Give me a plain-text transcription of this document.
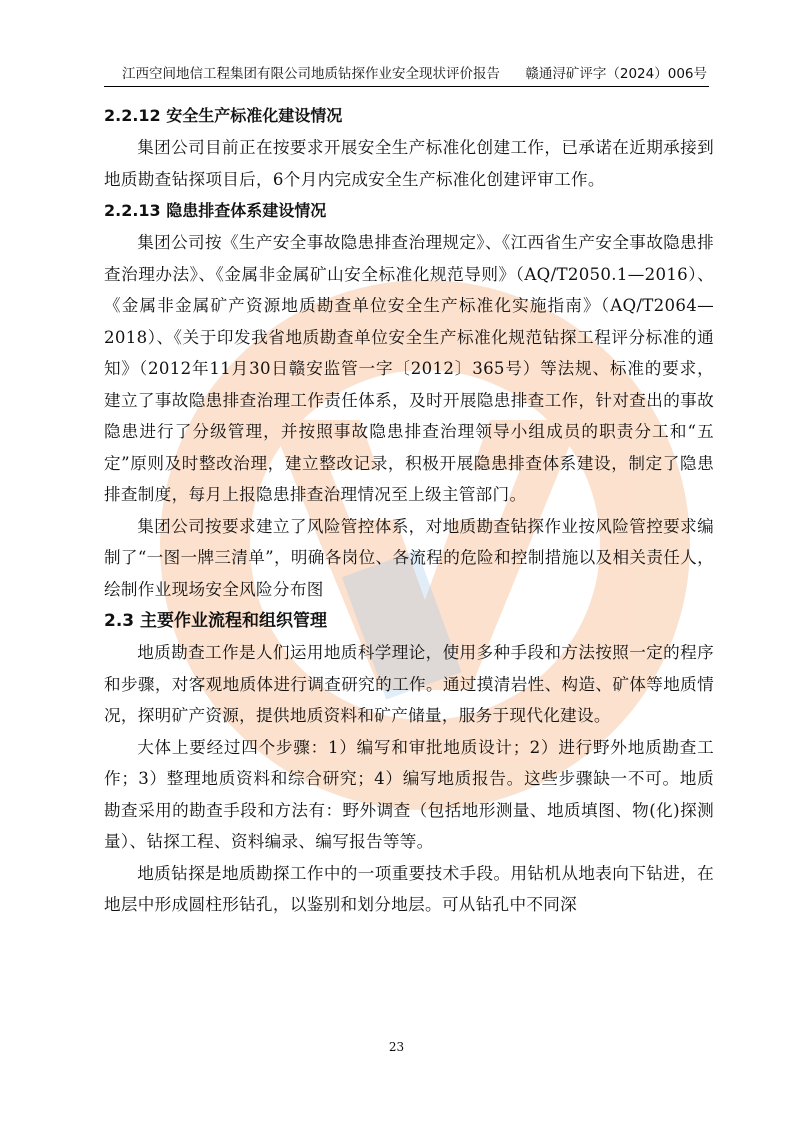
江西空间地信工程集团有限公司地质钻探作业安全现状评价报告 赣通浔矿评字（2024）006号
2.2.12 安全生产标准化建设情况

集团公司目前正在按要求开展安全生产标准化创建工作，已承诺在近期承接到地质勘查钻探项目后，6个月内完成安全生产标准化创建评审工作。

2.2.13 隐患排查体系建设情况

集团公司按《生产安全事故隐患排查治理规定》、《江西省生产安全事故隐患排查治理办法》、《金属非金属矿山安全标准化规范导则》（AQ/T2050.1—2016）、《金属非金属矿产资源地质勘查单位安全生产标准化实施指南》（AQ/T2064—2018）、《关于印发我省地质勘查单位安全生产标准化规范钻探工程评分标准的通知》（2012年11月30日赣安监管一字〔2012〕365号）等法规、标准的要求，建立了事故隐患排查治理工作责任体系，及时开展隐患排查工作，针对查出的事故隐患进行了分级管理，并按照事故隐患排查治理领导小组成员的职责分工和“五定”原则及时整改治理，建立整改记录，积极开展隐患排查体系建设，制定了隐患排查制度，每月上报隐患排查治理情况至上级主管部门。

集团公司按要求建立了风险管控体系，对地质勘查钻探作业按风险管控要求编制了“一图一牌三清单”，明确各岗位、各流程的危险和控制措施以及相关责任人，绘制作业现场安全风险分布图

2.3 主要作业流程和组织管理

地质勘查工作是人们运用地质科学理论，使用多种手段和方法按照一定的程序和步骤，对客观地质体进行调查研究的工作。通过摸清岩性、构造、矿体等地质情况，探明矿产资源，提供地质资料和矿产储量，服务于现代化建设。

大体上要经过四个步骤：1）编写和审批地质设计；2）进行野外地质勘查工作；3）整理地质资料和综合研究；4）编写地质报告。这些步骤缺一不可。地质勘查采用的勘查手段和方法有：野外调查（包括地形测量、地质填图、物(化)探测量）、钻探工程、资料编录、编写报告等等。

地质钻探是地质勘探工作中的一项重要技术手段。用钻机从地表向下钻进，在地层中形成圆柱形钻孔，以鉴别和划分地层。可从钻孔中不同深

23
